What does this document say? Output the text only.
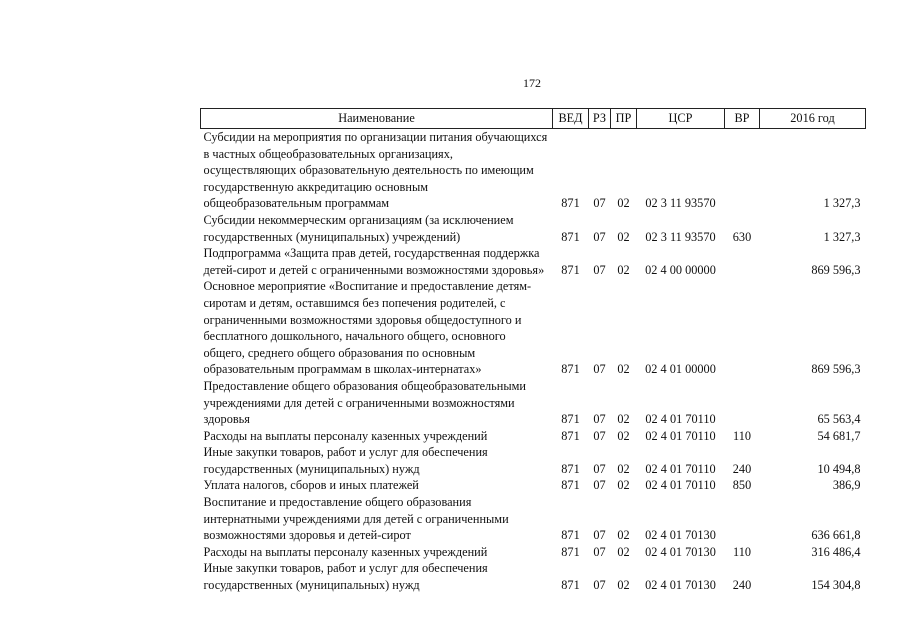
172
Наименование	ВЕД	РЗ	ПР	ЦСР	ВР	2016 год
Субсидии на мероприятия по организации питания обучающихся в частных общеобразовательных организациях, осуществляющих образовательную деятельность по имеющим государственную аккредитацию основным общеобразовательным программам	871	07	02	02 3 11 93570		1 327,3
Субсидии некоммерческим организациям (за исключением государственных (муниципальных) учреждений)	871	07	02	02 3 11 93570	630	1 327,3
Подпрограмма «Защита прав детей, государственная поддержка детей-сирот и детей с ограниченными возможностями здоровья»	871	07	02	02 4 00 00000		869 596,3
Основное мероприятие «Воспитание и предоставление детям-сиротам и детям, оставшимся без попечения родителей, с ограниченными возможностями здоровья общедоступного и бесплатного дошкольного, начального общего, основного общего, среднего общего образования по основным образовательным программам в школах-интернатах»	871	07	02	02 4 01 00000		869 596,3
Предоставление общего образования общеобразовательными учреждениями для детей с ограниченными возможностями здоровья	871	07	02	02 4 01 70110		65 563,4
Расходы на выплаты персоналу казенных учреждений	871	07	02	02 4 01 70110	110	54 681,7
Иные закупки товаров, работ и услуг для обеспечения государственных (муниципальных) нужд	871	07	02	02 4 01 70110	240	10 494,8
Уплата налогов, сборов и иных платежей	871	07	02	02 4 01 70110	850	386,9
Воспитание и предоставление общего образования интернатными учреждениями для детей с ограниченными возможностями здоровья и детей-сирот	871	07	02	02 4 01 70130		636 661,8
Расходы на выплаты персоналу казенных учреждений	871	07	02	02 4 01 70130	110	316 486,4
Иные закупки товаров, работ и услуг для обеспечения государственных (муниципальных) нужд	871	07	02	02 4 01 70130	240	154 304,8
